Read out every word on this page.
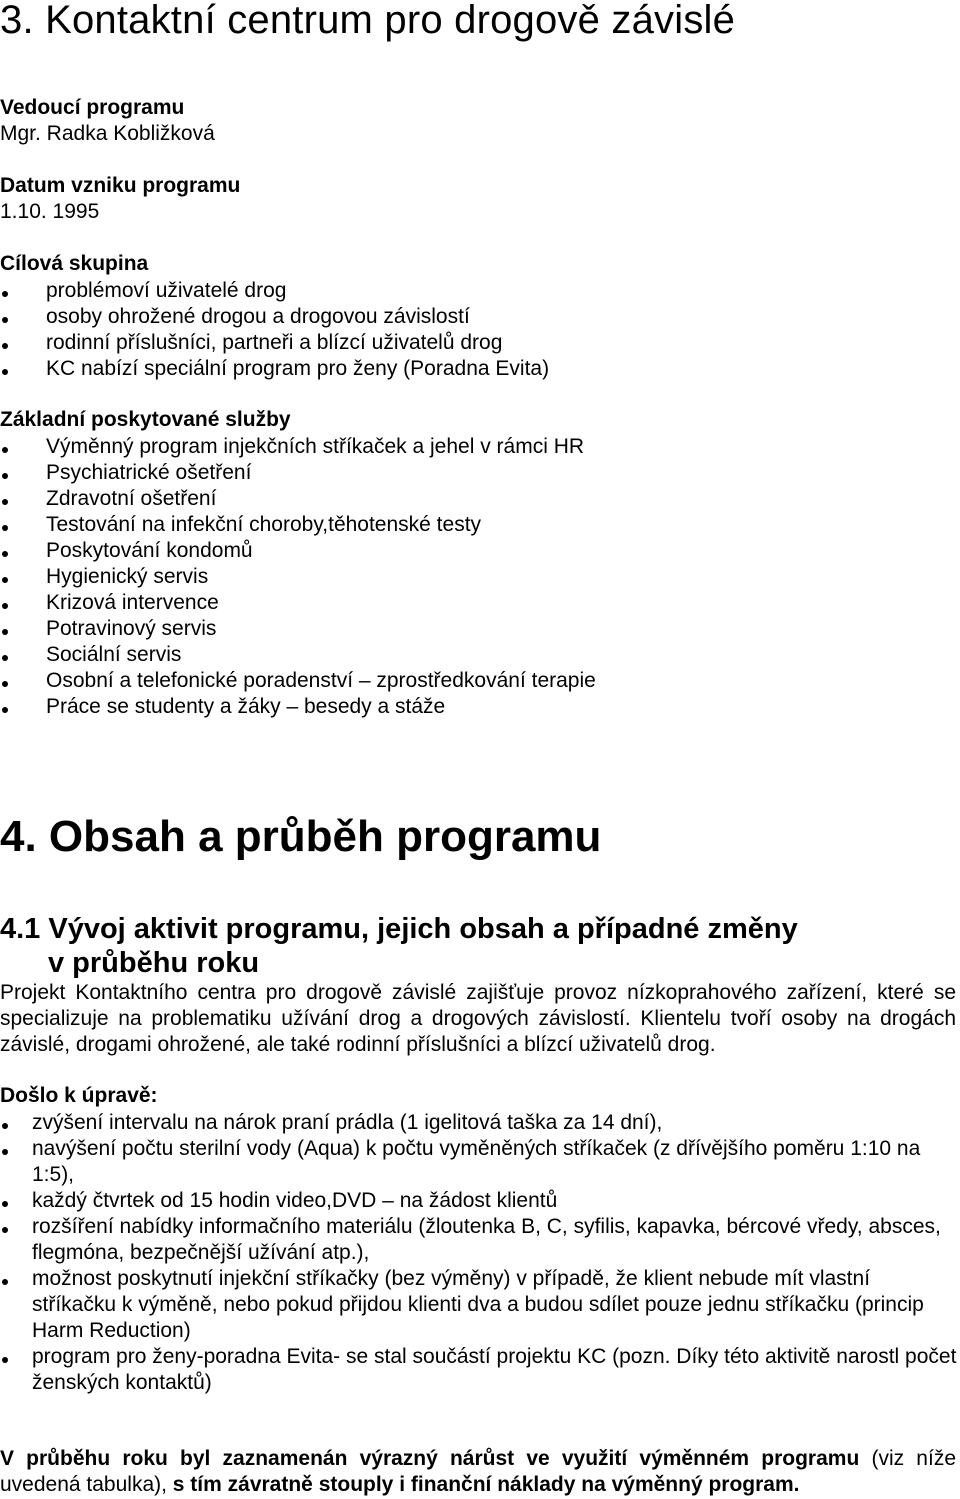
3. Kontaktní centrum pro drogově závislé

Vedoucí programu

Mgr. Radka Kobližková

Datum vzniku programu

1.10. 1995

Cílová skupina

problémoví uživatelé drog
osoby ohrožené drogou a drogovou závislostí
rodinní příslušníci, partneři a blízcí uživatelů drog
KC nabízí speciální program pro ženy (Poradna Evita)

Základní poskytované služby

Výměnný program injekčních stříkaček a jehel v rámci HR
Psychiatrické ošetření
Zdravotní ošetření
Testování na infekční choroby,těhotenské testy
Poskytování kondomů
Hygienický servis
Krizová intervence
Potravinový servis
Sociální servis
Osobní a telefonické poradenství – zprostředkování terapie
Práce se studenty a žáky – besedy a stáže
4. Obsah a průběh programu
4.1 Vývoj aktivit programu, jejich obsah a případné změny
v průběhu roku

Projekt Kontaktního centra pro drogově závislé zajišťuje provoz nízkoprahového zařízení, které se specializuje na problematiku užívání drog a drogových závislostí. Klientelu tvoří osoby na drogách závislé, drogami ohrožené, ale také rodinní příslušníci a blízcí uživatelů drog.

Došlo k úpravě:

zvýšení intervalu na nárok praní prádla (1 igelitová taška za 14 dní),
navýšení počtu sterilní vody (Aqua) k počtu vyměněných stříkaček (z dřívějšího poměru 1:10 na 1:5),
každý čtvrtek od 15 hodin video,DVD – na žádost klientů
rozšíření nabídky informačního materiálu (žloutenka B, C, syfilis, kapavka, bércové vředy, absces, flegmóna, bezpečnější užívání atp.),
možnost poskytnutí injekční stříkačky (bez výměny) v případě, že klient nebude mít vlastní stříkačku k výměně, nebo pokud přijdou klienti dva a budou sdílet pouze jednu stříkačku (princip Harm Reduction)
program pro ženy-poradna Evita- se stal součástí projektu KC (pozn. Díky této aktivitě narostl počet ženských kontaktů)

V průběhu roku byl zaznamenán výrazný nárůst ve využití výměnném programu (viz níže uvedená tabulka), s tím závratně stouply i finanční náklady na výměnný program.
